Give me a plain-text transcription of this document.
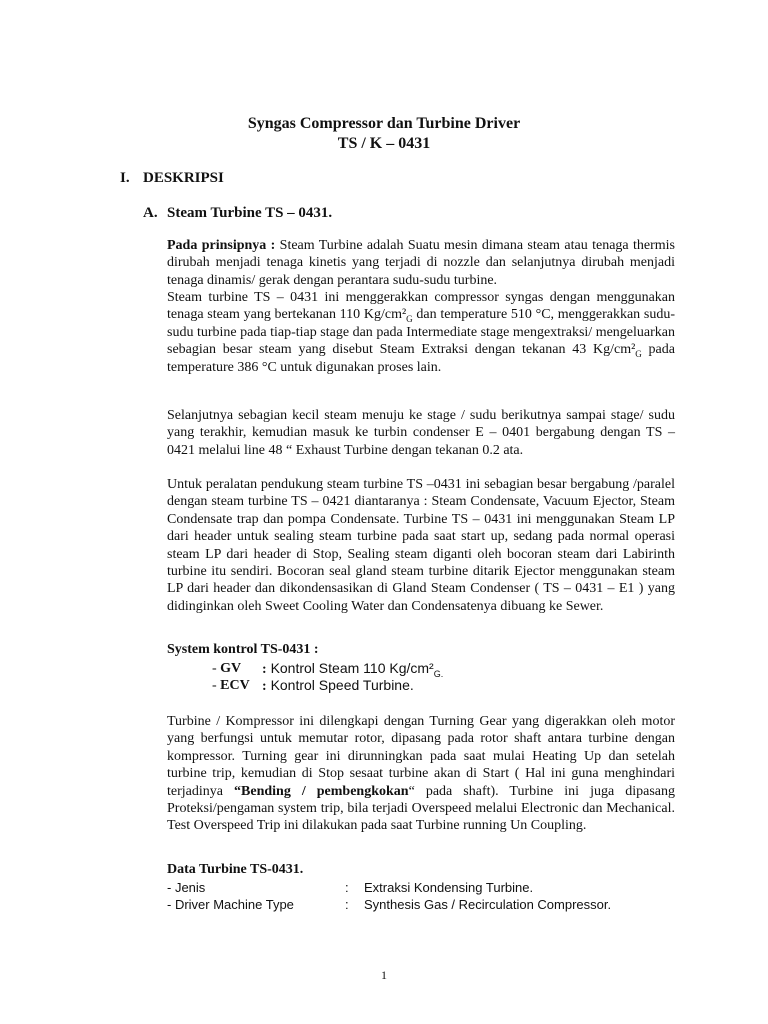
Syngas Compressor dan Turbine Driver
TS / K – 0431
I. DESKRIPSI
A. Steam Turbine TS – 0431.
Pada prinsipnya : Steam Turbine adalah Suatu mesin dimana steam atau tenaga thermis dirubah menjadi tenaga kinetis yang terjadi di nozzle dan selanjutnya dirubah menjadi tenaga dinamis/ gerak dengan perantara sudu-sudu turbine.
Steam turbine TS – 0431 ini menggerakkan compressor syngas dengan menggunakan tenaga steam yang bertekanan 110 $Kg/cm^2_G$ dan temperature 510 °C, menggerakkan sudu-sudu turbine pada tiap-tiap stage dan pada Intermediate stage mengextraksi/ mengeluarkan sebagian besar steam yang disebut Steam Extraksi dengan tekanan 43 $Kg/cm^2_G$ pada temperature 386 °C untuk digunakan proses lain.
Selanjutnya sebagian kecil steam menuju ke stage / sudu berikutnya sampai stage/ sudu yang terakhir, kemudian masuk ke turbin condenser E – 0401 bergabung dengan TS – 0421 melalui line 48 “ Exhaust Turbine dengan tekanan 0.2 ata.
Untuk peralatan pendukung steam turbine TS –0431 ini sebagian besar bergabung /paralel dengan steam turbine TS – 0421 diantaranya : Steam Condensate, Vacuum Ejector, Steam Condensate trap dan pompa Condensate. Turbine TS – 0431 ini menggunakan Steam LP dari header untuk sealing steam turbine pada saat start up, sedang pada normal operasi steam LP dari header di Stop, Sealing steam diganti oleh bocoran steam dari Labirinth turbine itu sendiri. Bocoran seal gland steam turbine ditarik Ejector menggunakan steam LP dari header dan dikondensasikan di Gland Steam Condenser ( TS – 0431 – E1 ) yang didinginkan oleh Sweet Cooling Water dan Condensatenya dibuang ke Sewer.
System kontrol TS-0431 :
- GV : Kontrol Steam 110 $Kg/cm^2_{G.}$
- ECV : Kontrol Speed Turbine.
Turbine / Kompressor ini dilengkapi dengan Turning Gear yang digerakkan oleh motor yang berfungsi untuk memutar rotor, dipasang pada rotor shaft antara turbine dengan kompressor. Turning gear ini dirunningkan pada saat mulai Heating Up dan setelah turbine trip, kemudian di Stop sesaat turbine akan di Start ( Hal ini guna menghindari terjadinya “Bending / pembengkokan“ pada shaft). Turbine ini juga dipasang Proteksi/pengaman system trip, bila terjadi Overspeed melalui Electronic dan Mechanical. Test Overspeed Trip ini dilakukan pada saat Turbine running Un Coupling.
Data Turbine TS-0431.
- Jenis	: Extraksi Kondensing Turbine.
- Driver Machine Type	: Synthesis Gas / Recirculation Compressor.
1
